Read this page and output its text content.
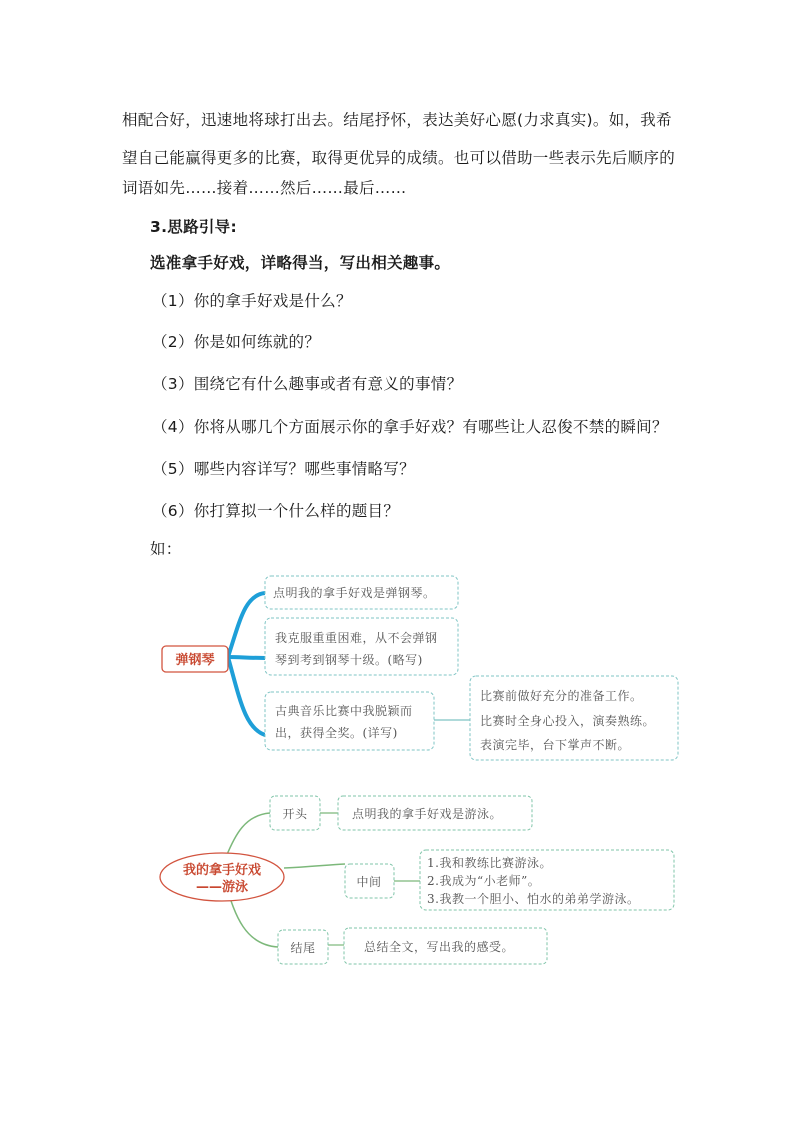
相配合好，迅速地将球打出去。结尾抒怀，表达美好心愿(力求真实)。如，我希
望自己能赢得更多的比赛，取得更优异的成绩。也可以借助一些表示先后顺序的
词语如先……接着……然后……最后……
3.思路引导:
选准拿手好戏，详略得当，写出相关趣事。
（1）你的拿手好戏是什么？
（2）你是如何练就的？
（3）围绕它有什么趣事或者有意义的事情？
（4）你将从哪几个方面展示你的拿手好戏？有哪些让人忍俊不禁的瞬间？
（5）哪些内容详写？哪些事情略写？
（6）你打算拟一个什么样的题目？
如：
弹钢琴
点明我的拿手好戏是弹钢琴。
我克服重重困难，从不会弹钢
琴到考到钢琴十级。(略写)
古典音乐比赛中我脱颖而
出，获得全奖。(详写)
比赛前做好充分的准备工作。
比赛时全身心投入，演奏熟练。
表演完毕，台下掌声不断。
我的拿手好戏
——游泳
开头	点明我的拿手好戏是游泳。
中间
1.我和教练比赛游泳。
2.我成为“小老师”。
3.我教一个胆小、怕水的弟弟学游泳。
结尾	总结全文，写出我的感受。
